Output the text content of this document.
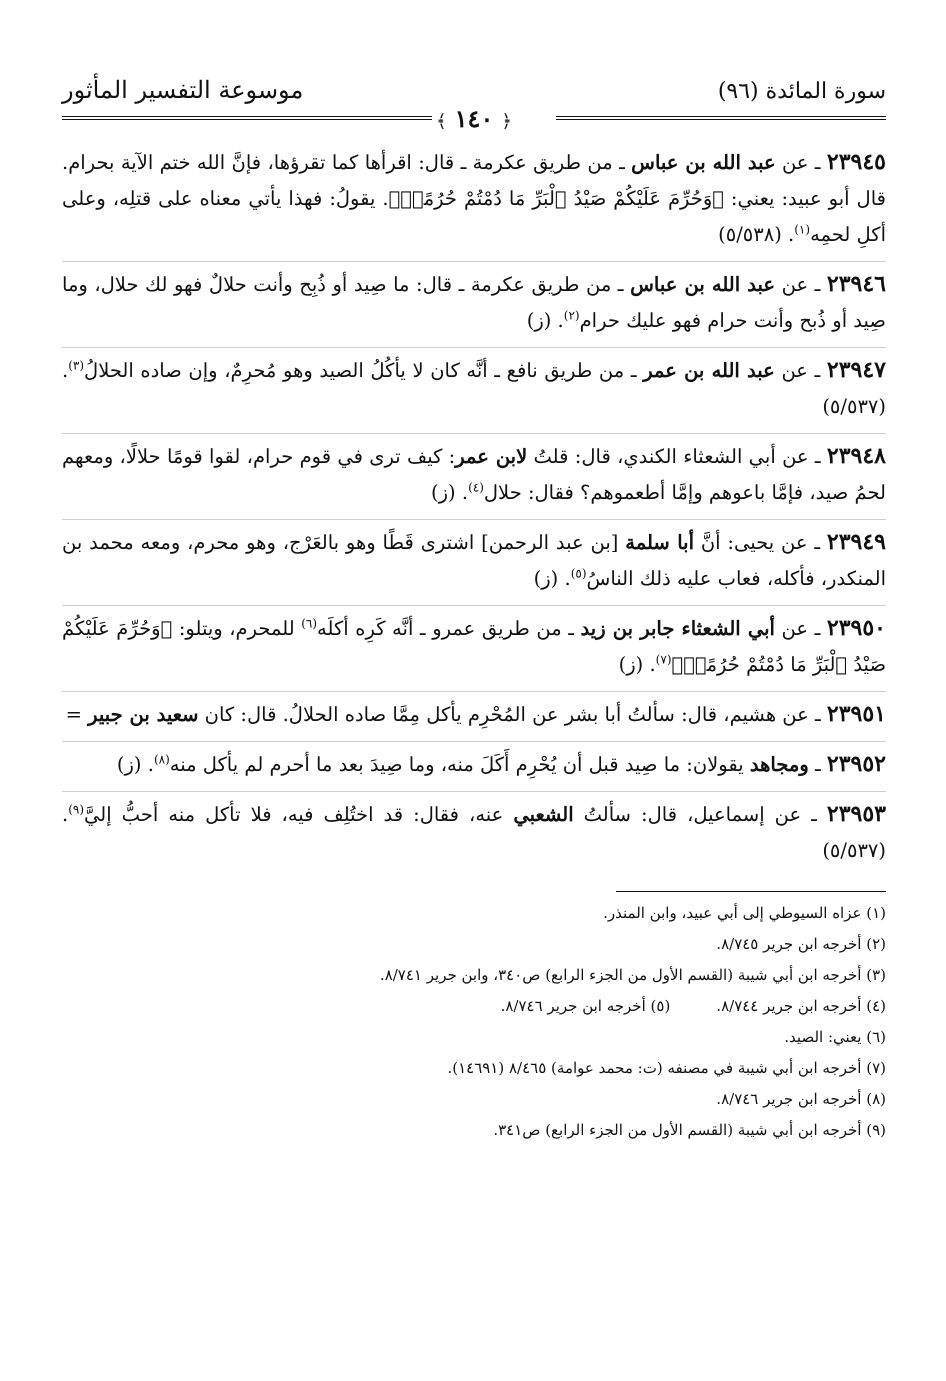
سورة المائدة (٩٦)
موسوعة التفسير المأثور
﴿١٤٠﴾

٢٣٩٤٥ ـ عن عبد الله بن عباس ـ من طريق عكرمة ـ قال: اقرأها كما تقرؤها، فإنَّ الله ختم الآية بحرام. قال أبو عبيد: يعني: ﴿وَحُرِّمَ عَلَيْكُمْ صَيْدُ ٱلْبَرِّ مَا دُمْتُمْ حُرُمًاۗ﴾. يقولُ: فهذا يأتي معناه على قتلِه، وعلى أكلِ لحمِه$^{(١)}$. (٥/٥٣٨)

٢٣٩٤٦ ـ عن عبد الله بن عباس ـ من طريق عكرمة ـ قال: ما صِيد أو ذُبِح وأنت حلالٌ فهو لك حلال، وما صِيد أو ذُبح وأنت حرام فهو عليك حرام$^{(٢)}$. (ز)

٢٣٩٤٧ ـ عن عبد الله بن عمر ـ من طريق نافع ـ أنَّه كان لا يأكُلُ الصيد وهو مُحرِمٌ، وإن صاده الحلالُ$^{(٣)}$. (٥/٥٣٧)

٢٣٩٤٨ ـ عن أبي الشعثاء الكندي، قال: قلتُ لابن عمر: كيف ترى في قوم حرام، لقوا قومًا حلالًا، ومعهم لحمُ صيد، فإمَّا باعوهم وإمَّا أطعموهم؟ فقال: حلال$^{(٤)}$. (ز)

٢٣٩٤٩ ـ عن يحيى: أنَّ أبا سلمة [بن عبد الرحمن] اشترى قَطًا وهو بالعَرْج، وهو محرم، ومعه محمد بن المنكدر، فأكله، فعاب عليه ذلك الناسُ$^{(٥)}$. (ز)

٢٣٩٥٠ ـ عن أبي الشعثاء جابر بن زيد ـ من طريق عمرو ـ أنَّه كَرِه أكلَه$^{(٦)}$ للمحرم، ويتلو: ﴿وَحُرِّمَ عَلَيْكُمْ صَيْدُ ٱلْبَرِّ مَا دُمْتُمْ حُرُمًاۗ﴾$^{(٧)}$. (ز)

٢٣٩٥١ ـ عن هشيم، قال: سألتُ أبا بشر عن المُحْرِم يأكل مِمَّا صاده الحلالُ. قال: كان سعيد بن جبير =

٢٣٩٥٢ ـ ومجاهد يقولان: ما صِيد قبل أن يُحْرِم أَكَلَ منه، وما صِيدَ بعد ما أحرم لم يأكل منه$^{(٨)}$. (ز)

٢٣٩٥٣ ـ عن إسماعيل، قال: سألتُ الشعبي عنه، فقال: قد اختُلِف فيه، فلا تأكل منه أحبُّ إليَّ$^{(٩)}$. (٥/٥٣٧)

(١) عزاه السيوطي إلى أبي عبيد، وابن المنذر.
(٢) أخرجه ابن جرير ٨/٧٤٥.
(٣) أخرجه ابن أبي شيبة (القسم الأول من الجزء الرابع) ص٣٤٠، وابن جرير ٨/٧٤١.
(٤) أخرجه ابن جرير ٨/٧٤٤.
(٥) أخرجه ابن جرير ٨/٧٤٦.
(٦) يعني: الصيد.
(٧) أخرجه ابن أبي شيبة في مصنفه (ت: محمد عوامة) ٨/٤٦٥ (١٤٦٩١).
(٨) أخرجه ابن جرير ٨/٧٤٦.
(٩) أخرجه ابن أبي شيبة (القسم الأول من الجزء الرابع) ص٣٤١.
